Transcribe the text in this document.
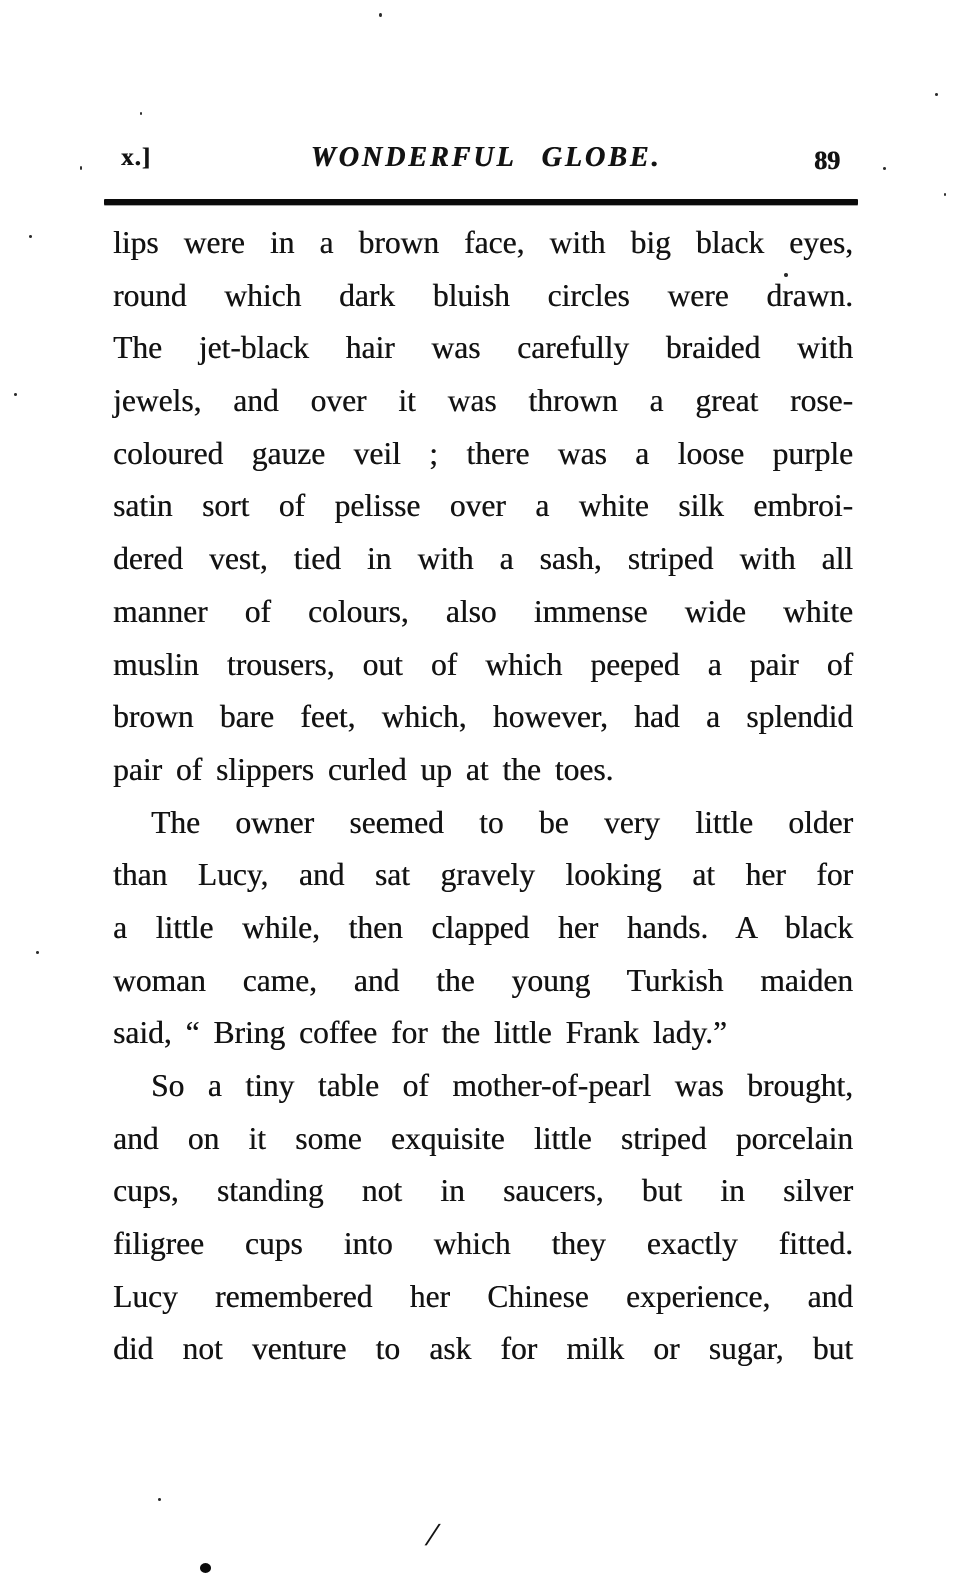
x.]	WONDERFUL GLOBE.	89
lips were in a brown face, with big black eyes,
round which dark bluish circles were drawn.
The jet-black hair was carefully braided with
jewels, and over it was thrown a great rose-
coloured gauze veil ; there was a loose purple
satin sort of pelisse over a white silk embroi-
dered vest, tied in with a sash, striped with all
manner of colours, also immense wide white
muslin trousers, out of which peeped a pair of
brown bare feet, which, however, had a splendid
pair of slippers curled up at the toes.
The owner seemed to be very little older
than Lucy, and sat gravely looking at her for
a little while, then clapped her hands. A black
woman came, and the young Turkish maiden
said, “ Bring coffee for the little Frank lady.”
So a tiny table of mother-of-pearl was brought,
and on it some exquisite little striped porcelain
cups, standing not in saucers, but in silver
filigree cups into which they exactly fitted.
Lucy remembered her Chinese experience, and
did not venture to ask for milk or sugar, but
/
